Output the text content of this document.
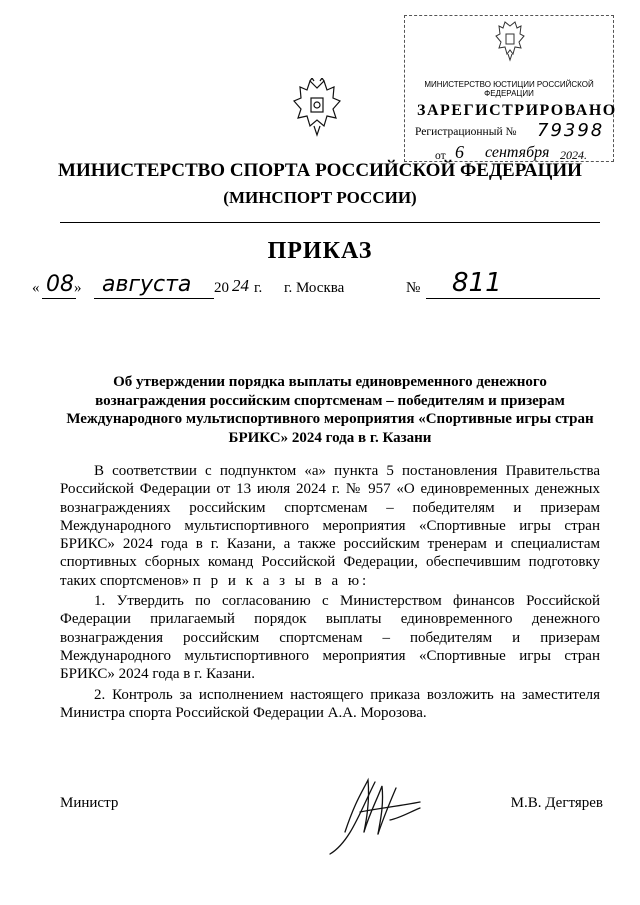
МИНИСТЕРСТВО ЮСТИЦИИ РОССИЙСКОЙ ФЕДЕРАЦИИ
ЗАРЕГИСТРИРОВАНО
Регистрационный № 79398
от 6 сентября 2024.
МИНИСТЕРСТВО СПОРТА РОССИЙСКОЙ ФЕДЕРАЦИИ
(МИНСПОРТ РОССИИ)
ПРИКАЗ
« 08 » августа 20 24 г. г. Москва	№ 811
Об утверждении порядка выплаты единовременного денежного вознаграждения российским спортсменам – победителям и призерам Международного мультиспортивного мероприятия «Спортивные игры стран БРИКС» 2024 года в г. Казани

В соответствии с подпунктом «а» пункта 5 постановления Правительства Российской Федерации от 13 июля 2024 г. № 957 «О единовременных денежных вознаграждениях российским спортсменам – победителям и призерам Международного мультиспортивного мероприятия «Спортивные игры стран БРИКС» 2024 года в г. Казани, а также российским тренерам и специалистам спортивных сборных команд Российской Федерации, обеспечившим подготовку таких спортсменов» п р и к а з ы в а ю:

1. Утвердить по согласованию с Министерством финансов Российской Федерации прилагаемый порядок выплаты единовременного денежного вознаграждения российским спортсменам – победителям и призерам Международного мультиспортивного мероприятия «Спортивные игры стран БРИКС» 2024 года в г. Казани.

2. Контроль за исполнением настоящего приказа возложить на заместителя Министра спорта Российской Федерации А.А. Морозова.

Министр	М.В. Дегтярев
